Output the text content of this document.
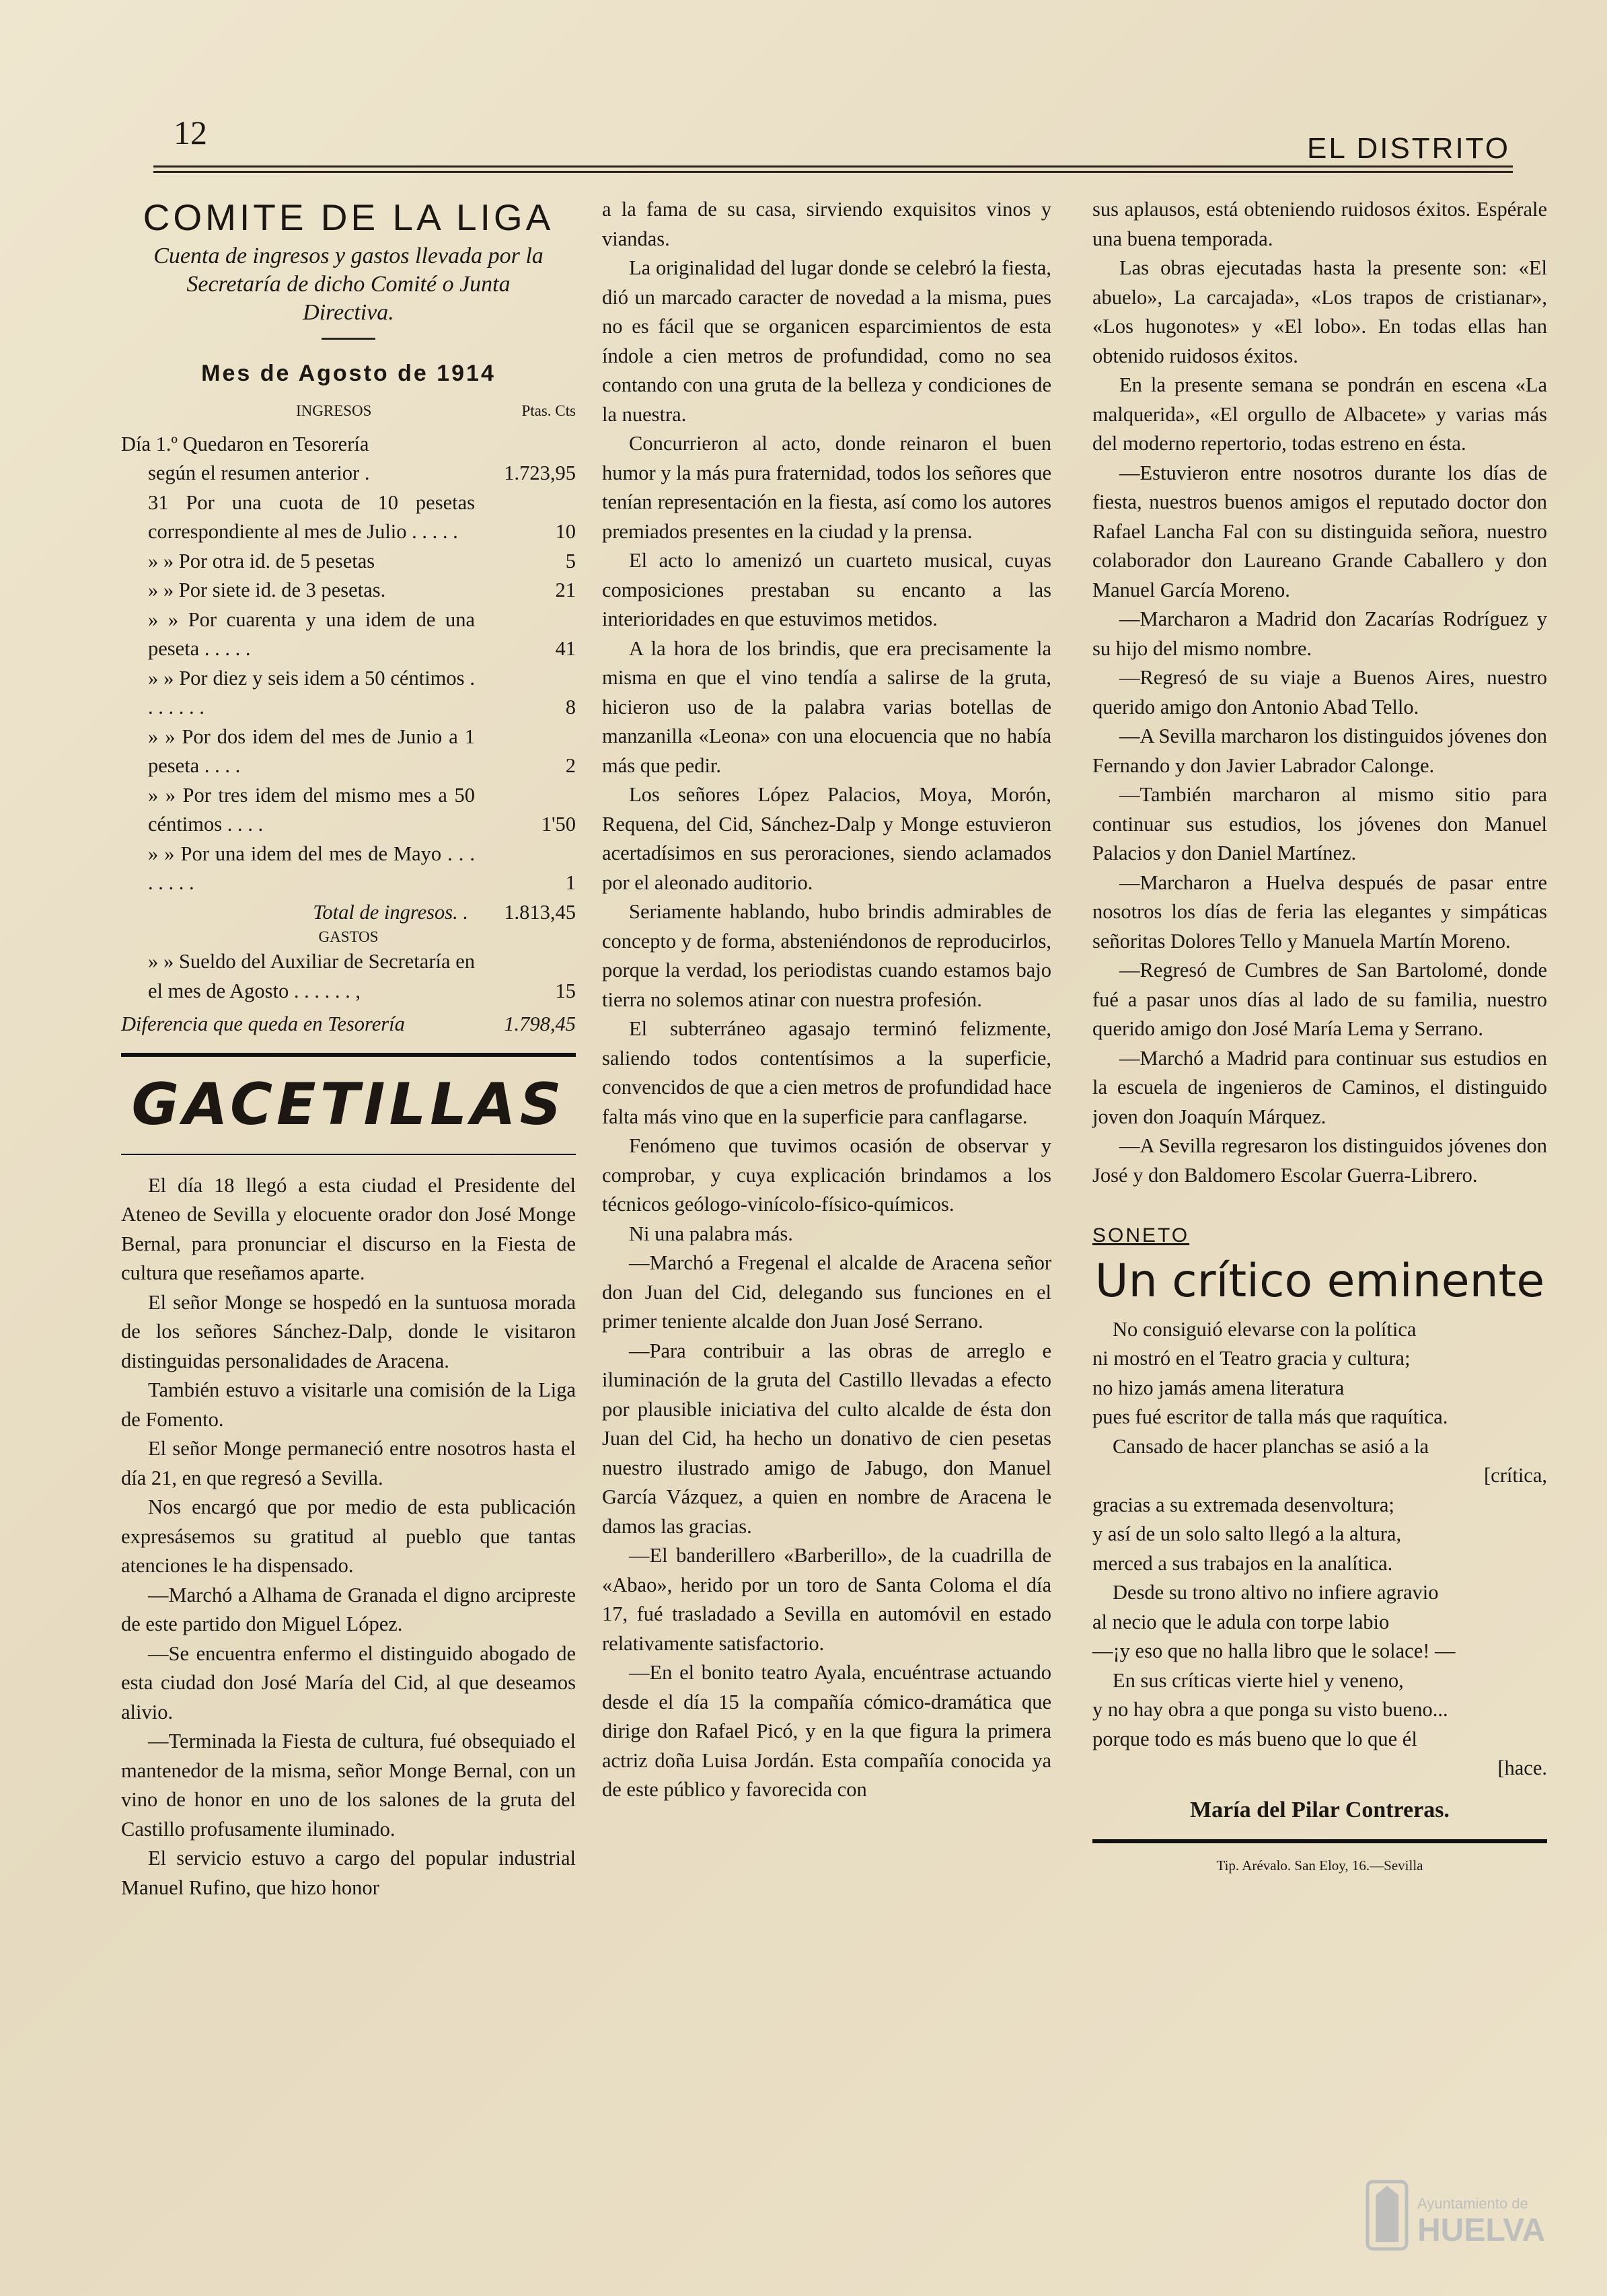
12	EL DISTRITO
COMITE DE LA LIGA
Cuenta de ingresos y gastos llevada por la Secretaría de dicho Comité o Junta Directiva.
Mes de Agosto de 1914
INGRESOS	Ptas. Cts
Día 1.º Quedaron en Tesorería
según el resumen anterior .	1.723,95
31 Por una cuota de 10 pesetas correspondiente al mes de Julio . . . . .	10
» » Por otra id. de 5 pesetas	5
» » Por siete id. de 3 pesetas.	21
» » Por cuarenta y una idem de una peseta . . . . .	41
» » Por diez y seis idem a 50 céntimos . . . . . . .	8
» » Por dos idem del mes de Junio a 1 peseta . . . .	2
» » Por tres idem del mismo mes a 50 céntimos . . . .	1'50
» » Por una idem del mes de Mayo . . . . . . . .	1
Total de ingresos. .	1.813,45
GASTOS
» » Sueldo del Auxiliar de Secretaría en el mes de Agosto . . . . . . ,	15
Diferencia que queda en Tesorería	1.798,45
GACETILLAS

El día 18 llegó a esta ciudad el Presidente del Ateneo de Sevilla y elocuente orador don José Monge Bernal, para pronunciar el discurso en la Fiesta de cultura que reseñamos aparte.

El señor Monge se hospedó en la suntuosa morada de los señores Sánchez-Dalp, donde le visitaron distinguidas personalidades de Aracena.

También estuvo a visitarle una comisión de la Liga de Fomento.

El señor Monge permaneció entre nosotros hasta el día 21, en que regresó a Sevilla.

Nos encargó que por medio de esta publicación expresásemos su gratitud al pueblo que tantas atenciones le ha dispensado.

—Marchó a Alhama de Granada el digno arcipreste de este partido don Miguel López.

—Se encuentra enfermo el distinguido abogado de esta ciudad don José María del Cid, al que deseamos alivio.

—Terminada la Fiesta de cultura, fué obsequiado el mantenedor de la misma, señor Monge Bernal, con un vino de honor en uno de los salones de la gruta del Castillo profusamente iluminado.

El servicio estuvo a cargo del popular industrial Manuel Rufino, que hizo honor

a la fama de su casa, sirviendo exquisitos vinos y viandas.

La originalidad del lugar donde se celebró la fiesta, dió un marcado caracter de novedad a la misma, pues no es fácil que se organicen esparcimientos de esta índole a cien metros de profundidad, como no sea contando con una gruta de la belleza y condiciones de la nuestra.

Concurrieron al acto, donde reinaron el buen humor y la más pura fraternidad, todos los señores que tenían representación en la fiesta, así como los autores premiados presentes en la ciudad y la prensa.

El acto lo amenizó un cuarteto musical, cuyas composiciones prestaban su encanto a las interioridades en que estuvimos metidos.

A la hora de los brindis, que era precisamente la misma en que el vino tendía a salirse de la gruta, hicieron uso de la palabra varias botellas de manzanilla «Leona» con una elocuencia que no había más que pedir.

Los señores López Palacios, Moya, Morón, Requena, del Cid, Sánchez-Dalp y Monge estuvieron acertadísimos en sus peroraciones, siendo aclamados por el aleonado auditorio.

Seriamente hablando, hubo brindis admirables de concepto y de forma, absteniéndonos de reproducirlos, porque la verdad, los periodistas cuando estamos bajo tierra no solemos atinar con nuestra profesión.

El subterráneo agasajo terminó felizmente, saliendo todos contentísimos a la superficie, convencidos de que a cien metros de profundidad hace falta más vino que en la superficie para canflagarse.

Fenómeno que tuvimos ocasión de observar y comprobar, y cuya explicación brindamos a los técnicos geólogo-vinícolo-físico-químicos.

Ni una palabra más.

—Marchó a Fregenal el alcalde de Aracena señor don Juan del Cid, delegando sus funciones en el primer teniente alcalde don Juan José Serrano.

—Para contribuir a las obras de arreglo e iluminación de la gruta del Castillo llevadas a efecto por plausible iniciativa del culto alcalde de ésta don Juan del Cid, ha hecho un donativo de cien pesetas nuestro ilustrado amigo de Jabugo, don Manuel García Vázquez, a quien en nombre de Aracena le damos las gracias.

—El banderillero «Barberillo», de la cuadrilla de «Abao», herido por un toro de Santa Coloma el día 17, fué trasladado a Sevilla en automóvil en estado relativamente satisfactorio.

—En el bonito teatro Ayala, encuéntrase actuando desde el día 15 la compañía cómico-dramática que dirige don Rafael Picó, y en la que figura la primera actriz doña Luisa Jordán. Esta compañía conocida ya de este público y favorecida con

sus aplausos, está obteniendo ruidosos éxitos. Espérale una buena temporada.

Las obras ejecutadas hasta la presente son: «El abuelo», La carcajada», «Los trapos de cristianar», «Los hugonotes» y «El lobo». En todas ellas han obtenido ruidosos éxitos.

En la presente semana se pondrán en escena «La malquerida», «El orgullo de Albacete» y varias más del moderno repertorio, todas estreno en ésta.

—Estuvieron entre nosotros durante los días de fiesta, nuestros buenos amigos el reputado doctor don Rafael Lancha Fal con su distinguida señora, nuestro colaborador don Laureano Grande Caballero y don Manuel García Moreno.

—Marcharon a Madrid don Zacarías Rodríguez y su hijo del mismo nombre.

—Regresó de su viaje a Buenos Aires, nuestro querido amigo don Antonio Abad Tello.

—A Sevilla marcharon los distinguidos jóvenes don Fernando y don Javier Labrador Calonge.

—También marcharon al mismo sitio para continuar sus estudios, los jóvenes don Manuel Palacios y don Daniel Martínez.

—Marcharon a Huelva después de pasar entre nosotros los días de feria las elegantes y simpáticas señoritas Dolores Tello y Manuela Martín Moreno.

—Regresó de Cumbres de San Bartolomé, donde fué a pasar unos días al lado de su familia, nuestro querido amigo don José María Lema y Serrano.

—Marchó a Madrid para continuar sus estudios en la escuela de ingenieros de Caminos, el distinguido joven don Joaquín Márquez.

—A Sevilla regresaron los distinguidos jóvenes don José y don Baldomero Escolar Guerra-Librero.

SONETO
Un crítico eminente

No consiguió elevarse con la política

ni mostró en el Teatro gracia y cultura;

no hizo jamás amena literatura

pues fué escritor de talla más que raquítica.

Cansado de hacer planchas se asió a la

[crítica,

gracias a su extremada desenvoltura;

y así de un solo salto llegó a la altura,

merced a sus trabajos en la analítica.

Desde su trono altivo no infiere agravio

al necio que le adula con torpe labio

—¡y eso que no halla libro que le solace! —

En sus críticas vierte hiel y veneno,

y no hay obra a que ponga su visto bueno...

porque todo es más bueno que lo que él

[hace.

María del Pilar Contreras.
Tip. Arévalo. San Eloy, 16.—Sevilla
Ayuntamiento de
HUELVA
